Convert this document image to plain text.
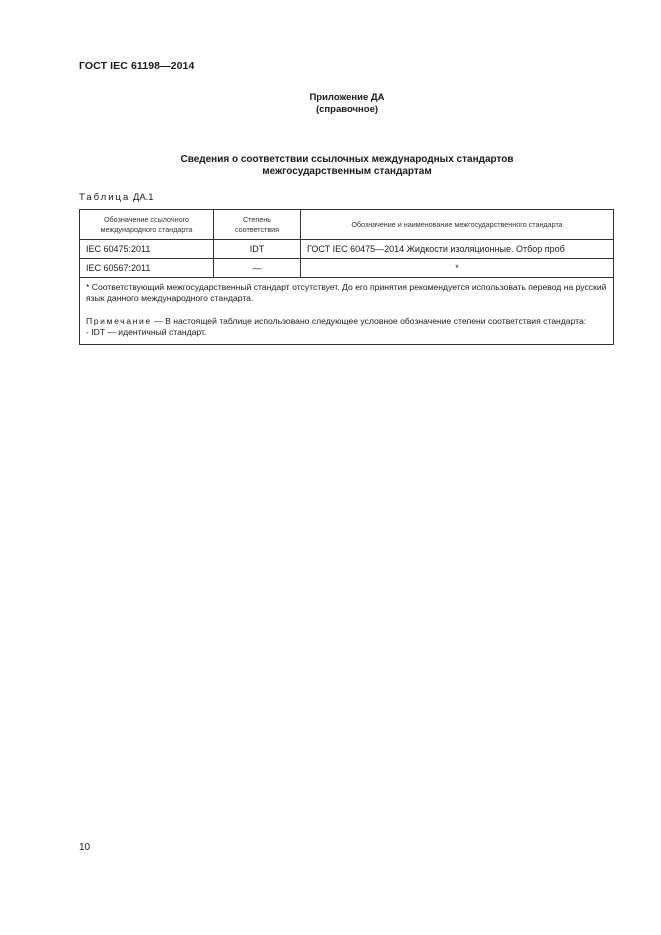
ГОСТ IEC 61198—2014
Приложение ДА
(справочное)
Сведения о соответствии ссылочных международных стандартов
межгосударственным стандартам
Таблица ДА.1
Обозначение ссылочного международного стандарта	Степень соответствия	Обозначение и наименование межгосударственного стандарта
IEC 60475:2011	IDT	ГОСТ IEC 60475—2014 Жидкости изоляционные. Отбор проб
IEC 60567:2011	—	*

* Соответствующий межгосударственный стандарт отсутствует. До его принятия рекомендуется использовать перевод на русский язык данного международного стандарта.

Примечание — В настоящей таблице использовано следующее условное обозначение степени соответствия стандарта:

- IDT — идентичный стандарт.		

10
